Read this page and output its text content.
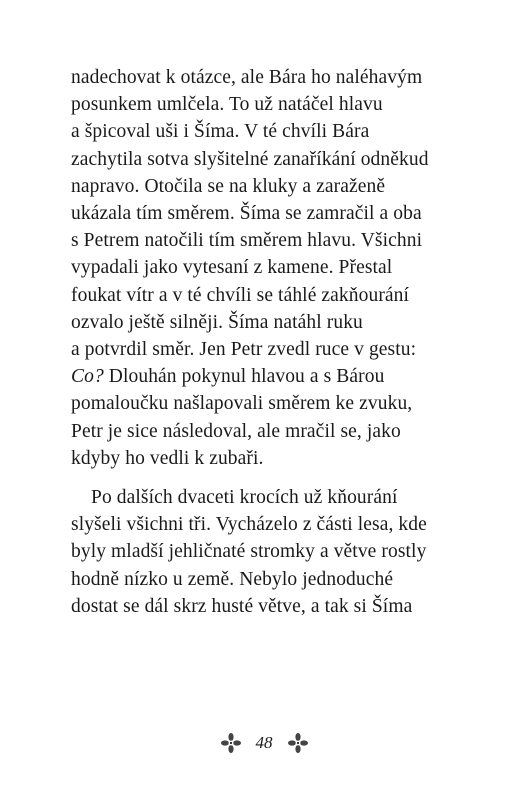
nadechovat k otázce, ale Bára ho naléhavým
posunkem umlčela. To už natáčel hlavu
a špicoval uši i Šíma. V té chvíli Bára
zachytila sotva slyšitelné zanaříkání odněkud
napravo. Otočila se na kluky a zaraženě
ukázala tím směrem. Šíma se zamračil a oba
s Petrem natočili tím směrem hlavu. Všichni
vypadali jako vytesaní z kamene. Přestal
foukat vítr a v té chvíli se táhlé zakňourání
ozvalo ještě silněji. Šíma natáhl ruku
a potvrdil směr. Jen Petr zvedl ruce v gestu:
Co? Dlouhán pokynul hlavou a s Bárou
pomaloučku našlapovali směrem ke zvuku,
Petr je sice následoval, ale mračil se, jako
kdyby ho vedli k zubaři.
Po dalších dvaceti krocích už kňourání
slyšeli všichni tři. Vycházelo z části lesa, kde
byly mladší jehličnaté stromky a větve rostly
hodně nízko u země. Nebylo jednoduché
dostat se dál skrz husté větve, a tak si Šíma
48
